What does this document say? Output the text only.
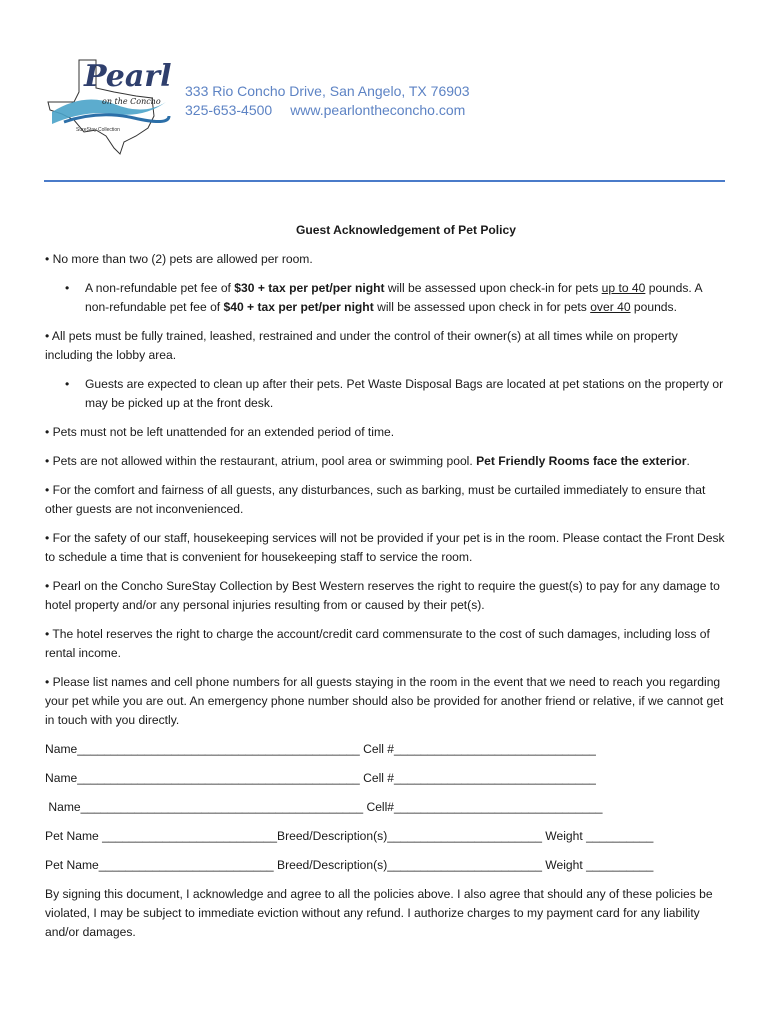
Pearl
on the Concho
SureStay Collection
333 Rio Concho Drive, San Angelo, TX 76903
325-653-4500 www.pearlontheconcho.com
Guest Acknowledgement of Pet Policy

• No more than two (2) pets are allowed per room.

• A non-refundable pet fee of $30 + tax per pet/per night will be assessed upon check-in for pets up to 40 pounds. A non-refundable pet fee of $40 + tax per pet/per night will be assessed upon check in for pets over 40 pounds.

• All pets must be fully trained, leashed, restrained and under the control of their owner(s) at all times while on property including the lobby area.

• Guests are expected to clean up after their pets. Pet Waste Disposal Bags are located at pet stations on the property or may be picked up at the front desk.

• Pets must not be left unattended for an extended period of time.

• Pets are not allowed within the restaurant, atrium, pool area or swimming pool. Pet Friendly Rooms face the exterior.

• For the comfort and fairness of all guests, any disturbances, such as barking, must be curtailed immediately to ensure that other guests are not inconvenienced.

• For the safety of our staff, housekeeping services will not be provided if your pet is in the room. Please contact the Front Desk to schedule a time that is convenient for housekeeping staff to service the room.

• Pearl on the Concho SureStay Collection by Best Western reserves the right to require the guest(s) to pay for any damage to hotel property and/or any personal injuries resulting from or caused by their pet(s).

• The hotel reserves the right to charge the account/credit card commensurate to the cost of such damages, including loss of rental income.

• Please list names and cell phone numbers for all guests staying in the room in the event that we need to reach you regarding your pet while you are out. An emergency phone number should also be provided for another friend or relative, if we cannot get in touch with you directly.

Name__________________________________________ Cell #______________________________
Name__________________________________________ Cell #______________________________
Name__________________________________________ Cell#_______________________________
Pet Name __________________________Breed/Description(s)_______________________ Weight __________
Pet Name__________________________ Breed/Description(s)_______________________ Weight __________

By signing this document, I acknowledge and agree to all the policies above. I also agree that should any of these policies be violated, I may be subject to immediate eviction without any refund. I authorize charges to my payment card for any liability and/or damages.
